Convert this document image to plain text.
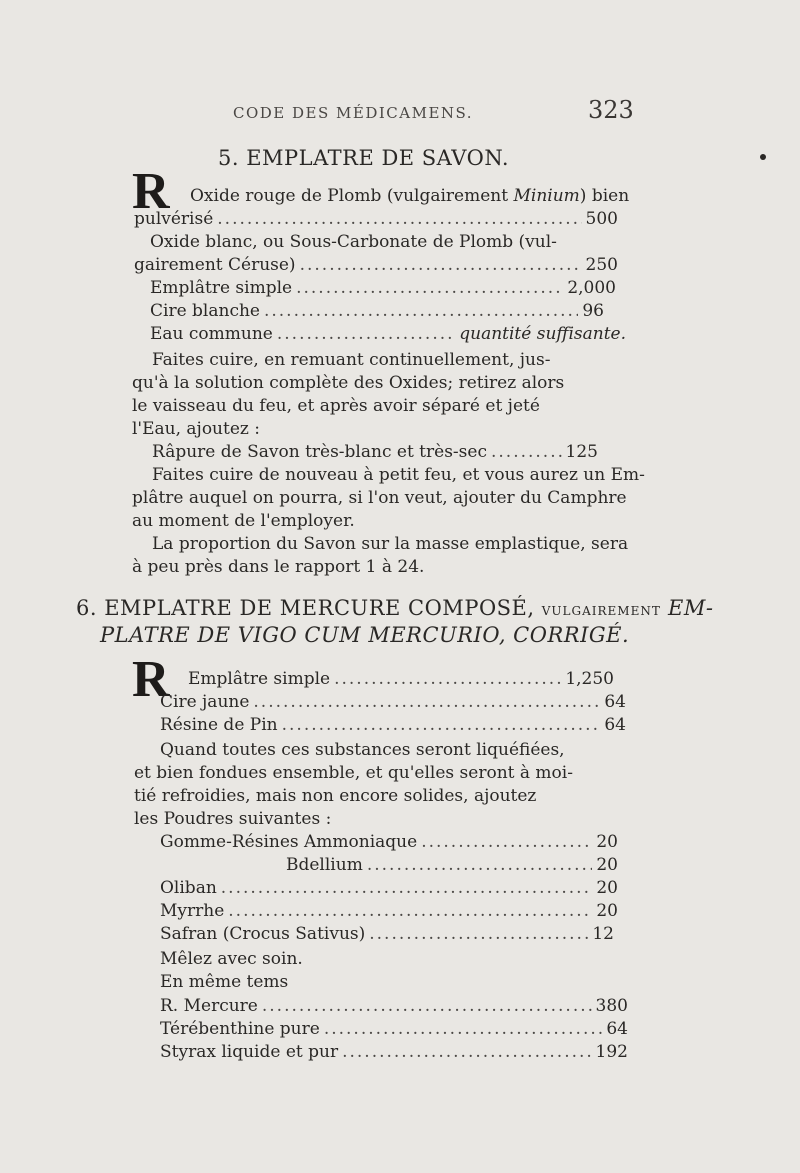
CODE DES MÉDICAMENS.	323
5. EMPLATRE DE SAVON.
R Oxide rouge de Plomb (vulgairement Minium) bien
pulvérisé .....	500
Oxide blanc, ou Sous-Carbonate de Plomb (vul-
gairement Céruse) .....	250
Emplâtre simple .....	2,000
Cire blanche .....	96
Eau commune .....	quantité suffisante.
Faites cuire, en remuant continuellement, jus-
qu'à la solution complète des Oxides; retirez alors
le vaisseau du feu, et après avoir séparé et jeté
l'Eau, ajoutez :
Râpure de Savon très-blanc et très-sec .....	125
Faites cuire de nouveau à petit feu, et vous aurez un Em-
plâtre auquel on pourra, si l'on veut, ajouter du Camphre
au moment de l'employer.
La proportion du Savon sur la masse emplastique, sera
à peu près dans le rapport 1 à 24.
6. EMPLATRE DE MERCURE COMPOSÉ, VULGAIREMENT EM-
PLATRE DE VIGO CUM MERCURIO, CORRIGÉ.
R Emplâtre simple .....	1,250
Cire jaune .....	64
Résine de Pin .....	64
Quand toutes ces substances seront liquéfiées,
et bien fondues ensemble, et qu'elles seront à moi-
tié refroidies, mais non encore solides, ajoutez
les Poudres suivantes :
Gomme-Résines Ammoniaque .....	20
Bdellium .....	20
Oliban .....	20
Myrrhe .....	20
Safran (Crocus Sativus) .....	12
Mêlez avec soin.
En même tems
R. Mercure .....	380
Térébenthine pure .....	64
Styrax liquide et pur .....	192
